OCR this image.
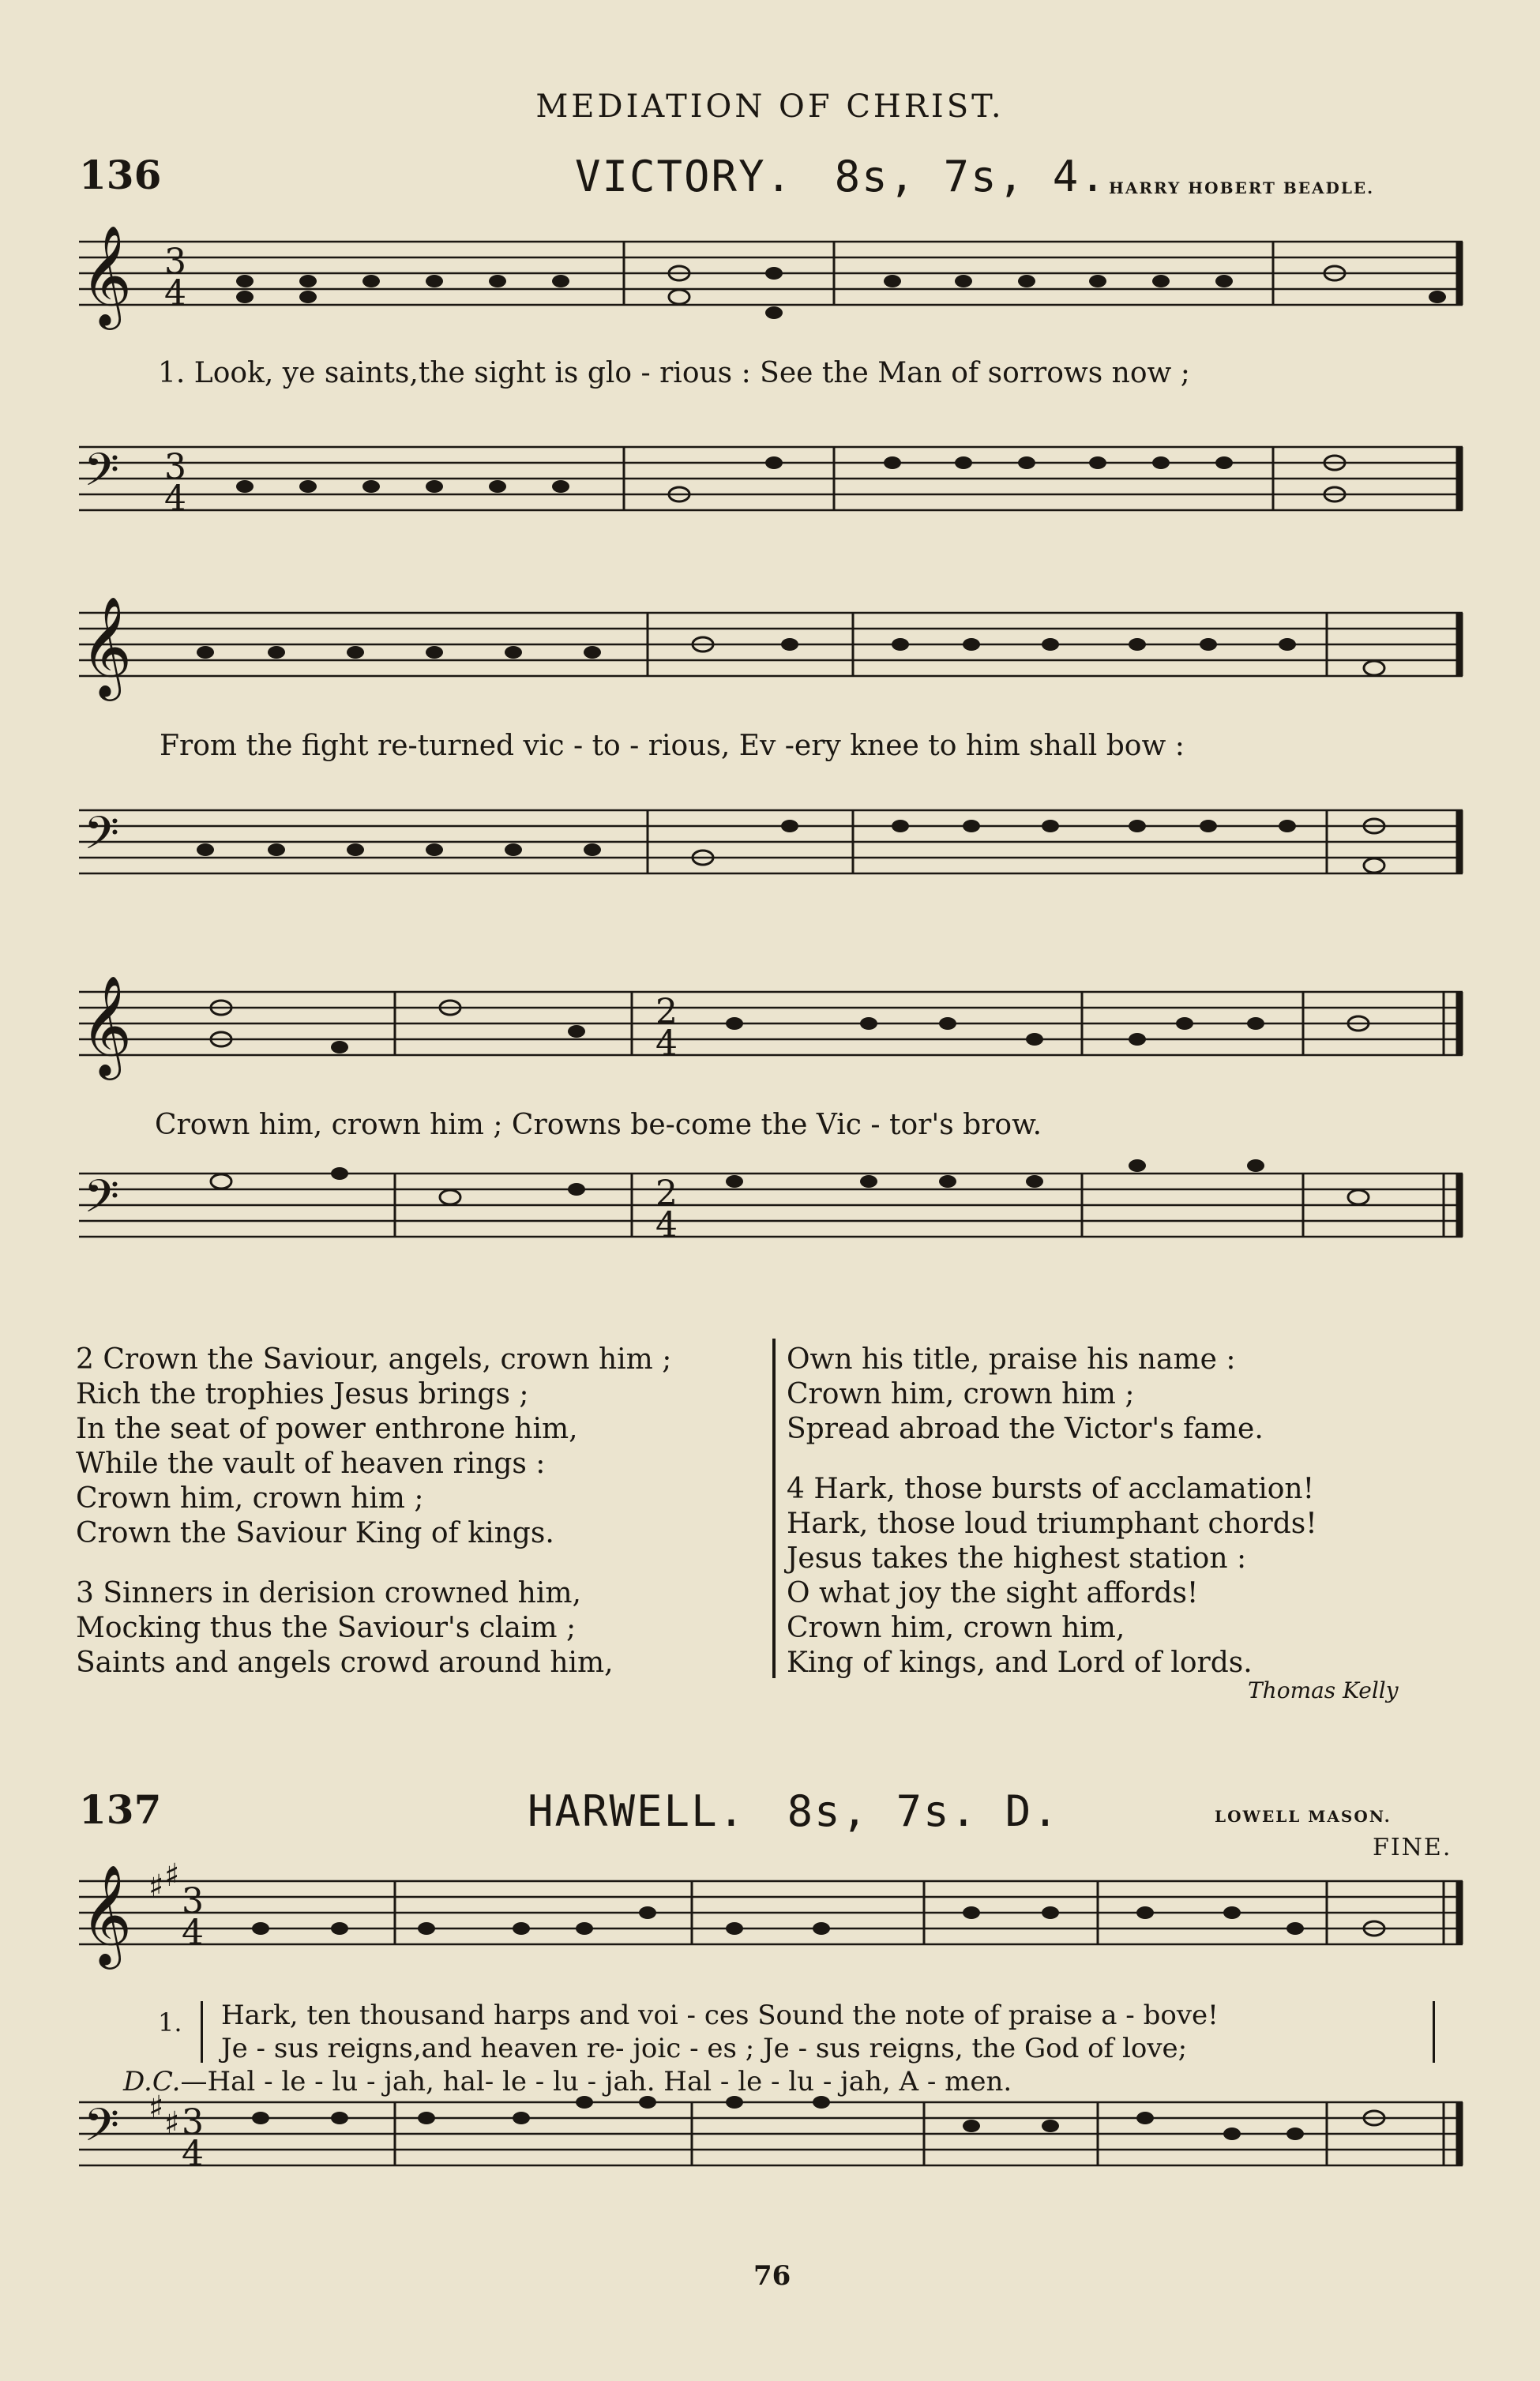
MEDIATION OF CHRIST.
136	VICTORY. 8s, 7s, 4. HARRY HOBERT BEADLE.
𝄞 3
4
𝄢 3
4
1. Look, ye saints,the sight is glo - rious : See the Man of sorrows now ;
𝄞
𝄢
From the fight re-turned vic - to - rious, Ev -ery knee to him shall bow :
𝄞	2
4
𝄢	2
4
Crown him, crown him ; Crowns be-come the Vic - tor's brow.
2 Crown the Saviour, angels, crown him ;
Rich the trophies Jesus brings ;
In the seat of power enthrone him,
While the vault of heaven rings :
Crown him, crown him ;
Crown the Saviour King of kings.
3 Sinners in derision crowned him,
Mocking thus the Saviour's claim ;
Saints and angels crowd around him,
Own his title, praise his name :
Crown him, crown him ;
Spread abroad the Victor's fame.
4 Hark, those bursts of acclamation!
Hark, those loud triumphant chords!
Jesus takes the highest station :
O what joy the sight affords!
Crown him, crown him,
King of kings, and Lord of lords.
Thomas Kelly
137	HARWELL. 8s, 7s. D.	LOWELL MASON.
FINE.
𝄞 ♯ ♯
3
4
𝄢 ♯ ♯ 3
4
1. Hark, ten thousand harps and voi - ces Sound the note of praise a - bove!
Je - sus reigns,and heaven re- joic - es ; Je - sus reigns, the God of love;
D.C.—Hal - le - lu - jah, hal- le - lu - jah. Hal - le - lu - jah, A - men.
76
